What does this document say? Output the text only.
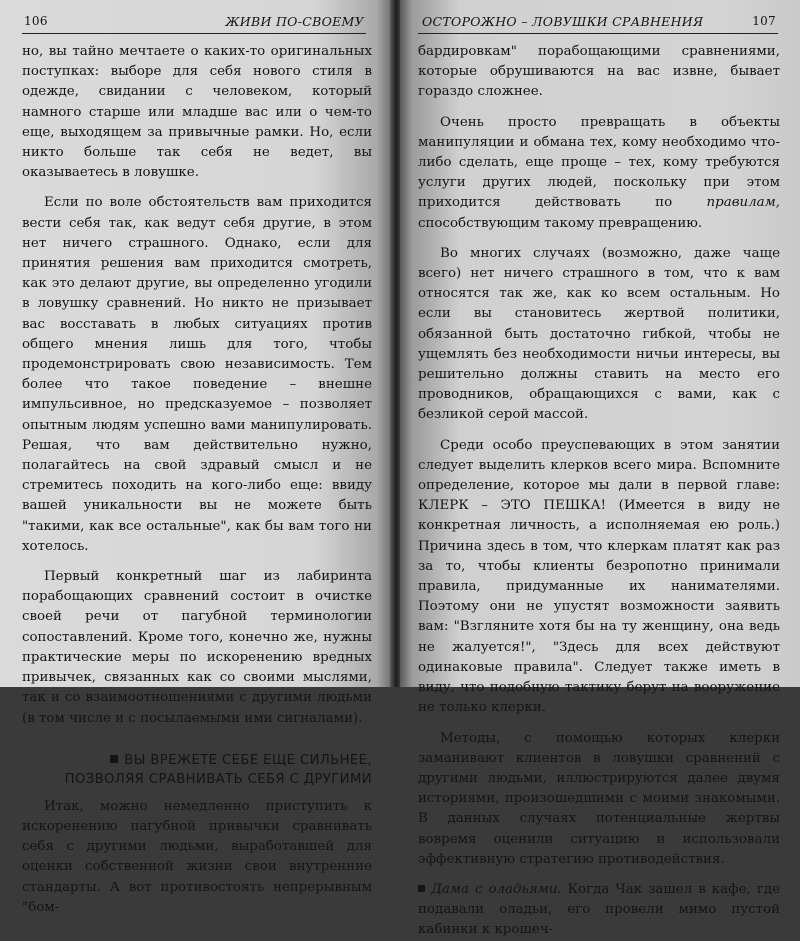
106	ЖИВИ ПО-СВОЕМУ

но, вы тайно мечтаете о каких-то оригинальных поступках: выборе для себя нового стиля в одежде, свидании с человеком, который намного старше или младше вас или о чем-то еще, выходящем за привычные рамки. Но, если никто больше так себя не ведет, вы оказываетесь в ловушке.

Если по воле обстоятельств вам приходится вести себя так, как ведут себя другие, в этом нет ничего страшного. Однако, если для принятия решения вам приходится смотреть, как это делают другие, вы определенно угодили в ловушку сравнений. Но никто не призывает вас восставать в любых ситуациях против общего мнения лишь для того, чтобы продемонстрировать свою независимость. Тем более что такое поведение – внешне импульсивное, но предсказуемое – позволяет опытным людям успешно вами манипулировать. Решая, что вам действительно нужно, полагайтесь на свой здравый смысл и не стремитесь походить на кого-либо еще: ввиду вашей уникальности вы не можете быть "такими, как все остальные", как бы вам того ни хотелось.

Первый конкретный шаг из лабиринта порабощающих сравнений состоит в очистке своей речи от пагубной терминологии сопоставлений. Кроме того, конечно же, нужны практические меры по искоренению вредных привычек, связанных как со своими мыслями, так и со взаимоотношениями с другими людьми (в том числе и с посылаемыми ими сигналами).

ВЫ ВРЕЖЕТЕ СЕБЕ ЕЩЕ СИЛЬНЕЕ,
ПОЗВОЛЯЯ СРАВНИВАТЬ СЕБЯ С ДРУГИМИ

Итак, можно немедленно приступить к искоренению пагубной привычки сравнивать себя с другими людьми, выработавшей для оценки собственной жизни свои внутренние стандарты. А вот противостоять непрерывным "бом-

ОСТОРОЖНО – ЛОВУШКИ СРАВНЕНИЯ	107

бардировкам" порабощающими сравнениями, которые обрушиваются на вас извне, бывает гораздо сложнее.

Очень просто превращать в объекты манипуляции и обмана тех, кому необходимо что-либо сделать, еще проще – тех, кому требуются услуги других людей, поскольку при этом приходится действовать по правилам, способствующим такому превращению.

Во многих случаях (возможно, даже чаще всего) нет ничего страшного в том, что к вам относятся так же, как ко всем остальным. Но если вы становитесь жертвой политики, обязанной быть достаточно гибкой, чтобы не ущемлять без необходимости ничьи интересы, вы решительно должны ставить на место его проводников, обращающихся с вами, как с безликой серой массой.

Среди особо преуспевающих в этом занятии следует выделить клерков всего мира. Вспомните определение, которое мы дали в первой главе: КЛЕРК – ЭТО ПЕШКА! (Имеется в виду не конкретная личность, а исполняемая ею роль.) Причина здесь в том, что клеркам платят как раз за то, чтобы клиенты безропотно принимали правила, придуманные их нанимателями. Поэтому они не упустят возможности заявить вам: "Взгляните хотя бы на ту женщину, она ведь не жалуется!", "Здесь для всех действуют одинаковые правила". Следует также иметь в виду, что подобную тактику берут на вооружение не только клерки.

Методы, с помощью которых клерки заманивают клиентов в ловушки сравнений с другими людьми, иллюстрируются далее двумя историями, произошедшими с моими знакомыми. В данных случаях потенциальные жертвы вовремя оценили ситуацию и использовали эффективную стратегию противодействия.

Дама с оладьями. Когда Чак зашел в кафе, где подавали оладьи, его провели мимо пустой кабинки к крошеч-
